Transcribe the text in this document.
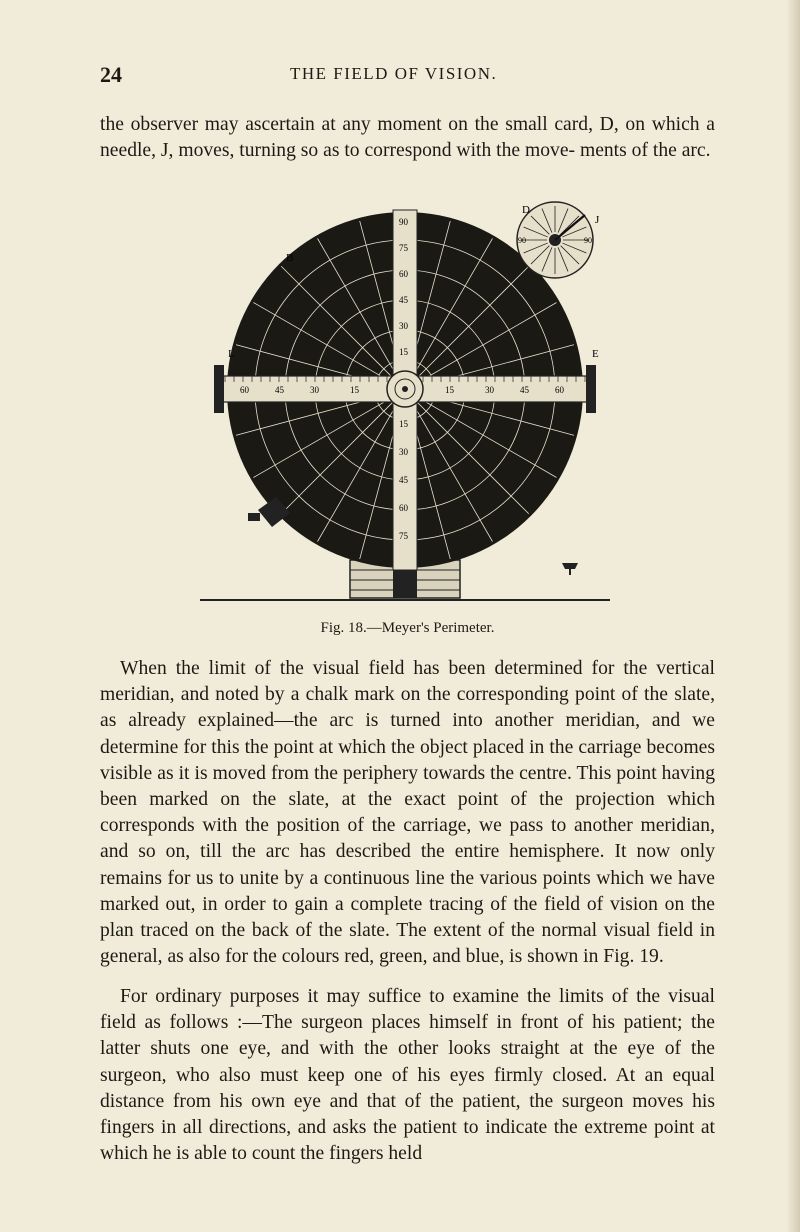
24	THE FIELD OF VISION.

the observer may ascertain at any moment on the small card, D, on which a needle, J, moves, turning so as to correspond with the move- ments of the arc.

90
75
60
45
30
15
15
30
45
60
75
60	45	30	15	15	30	45	60
90	90
D
J
B
L	E
Fig. 18.—Meyer's Perimeter.

When the limit of the visual field has been determined for the vertical meridian, and noted by a chalk mark on the corresponding point of the slate, as already explained—the arc is turned into another meridian, and we determine for this the point at which the object placed in the carriage becomes visible as it is moved from the periphery towards the centre. This point having been marked on the slate, at the exact point of the projection which corresponds with the position of the carriage, we pass to another meridian, and so on, till the arc has described the entire hemisphere. It now only remains for us to unite by a continuous line the various points which we have marked out, in order to gain a complete tracing of the field of vision on the plan traced on the back of the slate. The extent of the normal visual field in general, as also for the colours red, green, and blue, is shown in Fig. 19.

For ordinary purposes it may suffice to examine the limits of the visual field as follows :—The surgeon places himself in front of his patient; the latter shuts one eye, and with the other looks straight at the eye of the surgeon, who also must keep one of his eyes firmly closed. At an equal distance from his own eye and that of the patient, the surgeon moves his fingers in all directions, and asks the patient to indicate the extreme point at which he is able to count the fingers held
